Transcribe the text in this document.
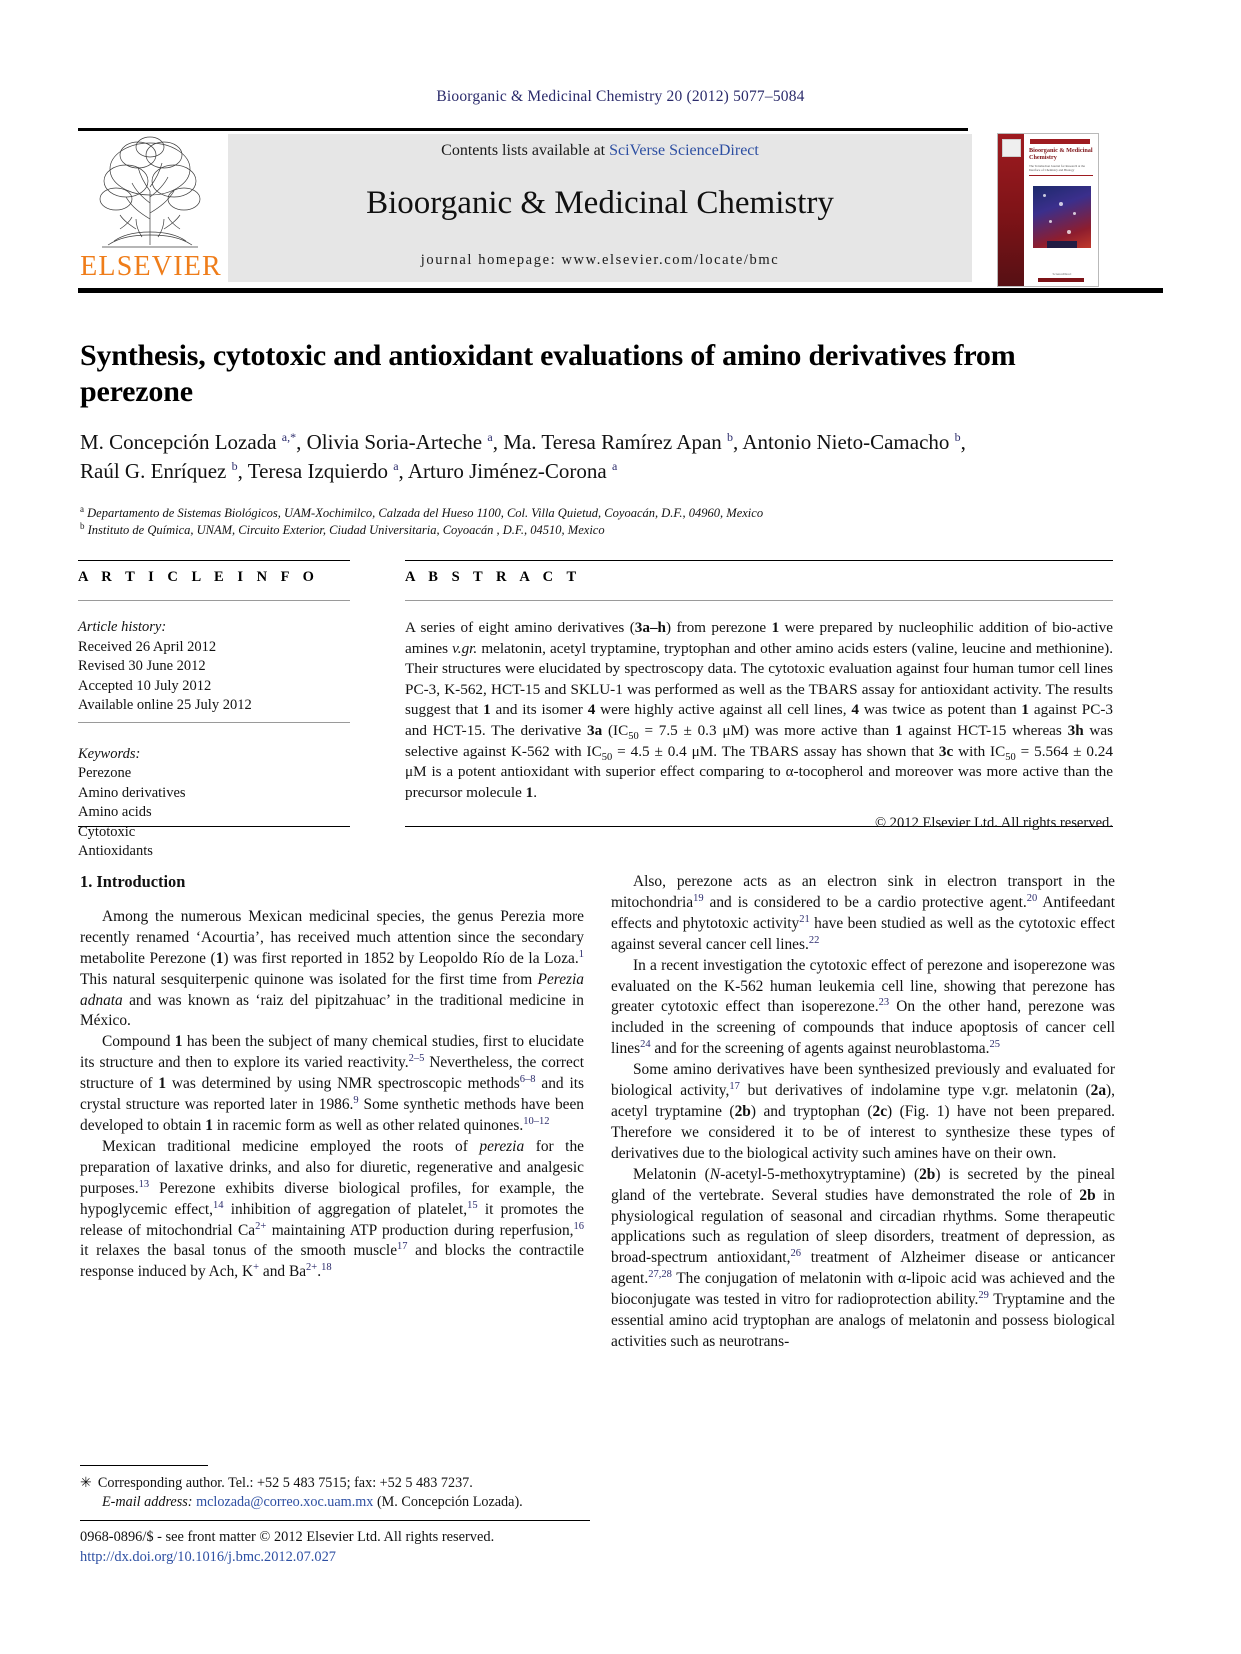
Bioorganic & Medicinal Chemistry 20 (2012) 5077–5084
ELSEVIER
Contents lists available at SciVerse ScienceDirect
Bioorganic & Medicinal Chemistry
journal homepage: www.elsevier.com/locate/bmc
Bioorganic & Medicinal Chemistry
The Tetrahedron Journal for Research at the Interface of Chemistry and Biology
ScienceDirect
Synthesis, cytotoxic and antioxidant evaluations of amino derivatives from perezone
M. Concepción Lozada $^{a,*}$, Olivia Soria-Arteche $^a$, Ma. Teresa Ramírez Apan $^b$, Antonio Nieto-Camacho $^b$,
Raúl G. Enríquez $^b$, Teresa Izquierdo $^a$, Arturo Jiménez-Corona $^a$
$^a$ Departamento de Sistemas Biológicos, UAM-Xochimilco, Calzada del Hueso 1100, Col. Villa Quietud, Coyoacán, D.F., 04960, Mexico
$^b$ Instituto de Química, UNAM, Circuito Exterior, Ciudad Universitaria, Coyoacán , D.F., 04510, Mexico
A R T I C L E I N F O
Article history:
Received 26 April 2012
Revised 30 June 2012
Accepted 10 July 2012
Available online 25 July 2012
Keywords:
Perezone
Amino derivatives
Amino acids
Cytotoxic
Antioxidants
A B S T R A C T
A series of eight amino derivatives (3a–h) from perezone 1 were prepared by nucleophilic addition of bio-active amines v.gr. melatonin, acetyl tryptamine, tryptophan and other amino acids esters (valine, leucine and methionine). Their structures were elucidated by spectroscopy data. The cytotoxic evaluation against four human tumor cell lines PC-3, K-562, HCT-15 and SKLU-1 was performed as well as the TBARS assay for antioxidant activity. The results suggest that 1 and its isomer 4 were highly active against all cell lines, 4 was twice as potent than 1 against PC-3 and HCT-15. The derivative 3a ($IC_{50} = 7.5 \pm 0.3$ μM) was more active than 1 against HCT-15 whereas 3h was selective against K-562 with $IC_{50} = 4.5 \pm 0.4$ μM. The TBARS assay has shown that 3c with $IC_{50} = 5.564 \pm 0.24$ μM is a potent antioxidant with superior effect comparing to α-tocopherol and moreover was more active than the precursor molecule 1.
© 2012 Elsevier Ltd. All rights reserved.
1. Introduction

Among the numerous Mexican medicinal species, the genus Perezia more recently renamed ‘Acourtia’, has received much attention since the secondary metabolite Perezone (1) was first reported in 1852 by Leopoldo Río de la Loza.$^1$ This natural sesquiterpenic quinone was isolated for the first time from Perezia adnata and was known as ‘raiz del pipitzahuac’ in the traditional medicine in México.

Compound 1 has been the subject of many chemical studies, first to elucidate its structure and then to explore its varied reactivity.$^{2-5}$ Nevertheless, the correct structure of 1 was determined by using NMR spectroscopic methods$^{6-8}$ and its crystal structure was reported later in 1986.$^9$ Some synthetic methods have been developed to obtain 1 in racemic form as well as other related quinones.$^{10-12}$

Mexican traditional medicine employed the roots of perezia for the preparation of laxative drinks, and also for diuretic, regenerative and analgesic purposes.$^{13}$ Perezone exhibits diverse biological profiles, for example, the hypoglycemic effect,$^{14}$ inhibition of aggregation of platelet,$^{15}$ it promotes the release of mitochondrial $Ca^{2+}$ maintaining ATP production during reperfusion,$^{16}$ it relaxes the basal tonus of the smooth muscle$^{17}$ and blocks the contractile response induced by Ach, K+ and $Ba^{2+}.^{18}$

Also, perezone acts as an electron sink in electron transport in the mitochondria$^{19}$ and is considered to be a cardio protective agent.$^{20}$ Antifeedant effects and phytotoxic activity$^{21}$ have been studied as well as the cytotoxic effect against several cancer cell lines.$^{22}$

In a recent investigation the cytotoxic effect of perezone and isoperezone was evaluated on the K-562 human leukemia cell line, showing that perezone has greater cytotoxic effect than isoperezone.$^{23}$ On the other hand, perezone was included in the screening of compounds that induce apoptosis of cancer cell lines$^{24}$ and for the screening of agents against neuroblastoma.$^{25}$

Some amino derivatives have been synthesized previously and evaluated for biological activity,$^{17}$ but derivatives of indolamine type v.gr. melatonin (2a), acetyl tryptamine (2b) and tryptophan (2c) (Fig. 1) have not been prepared. Therefore we considered it to be of interest to synthesize these types of derivatives due to the biological activity such amines have on their own.

Melatonin (N-acetyl-5-methoxytryptamine) (2b) is secreted by the pineal gland of the vertebrate. Several studies have demonstrated the role of 2b in physiological regulation of seasonal and circadian rhythms. Some therapeutic applications such as regulation of sleep disorders, treatment of depression, as broad-spectrum antioxidant,$^{26}$ treatment of Alzheimer disease or anticancer agent.$^{27,28}$ The conjugation of melatonin with α-lipoic acid was achieved and the bioconjugate was tested in vitro for radioprotection ability.$^{29}$ Tryptamine and the essential amino acid tryptophan are analogs of melatonin and possess biological activities such as neurotrans-

✳ Corresponding author. Tel.: +52 5 483 7515; fax: +52 5 483 7237.
E-mail address: mclozada@correo.xoc.uam.mx (M. Concepción Lozada).
0968-0896/$ - see front matter © 2012 Elsevier Ltd. All rights reserved.
http://dx.doi.org/10.1016/j.bmc.2012.07.027
